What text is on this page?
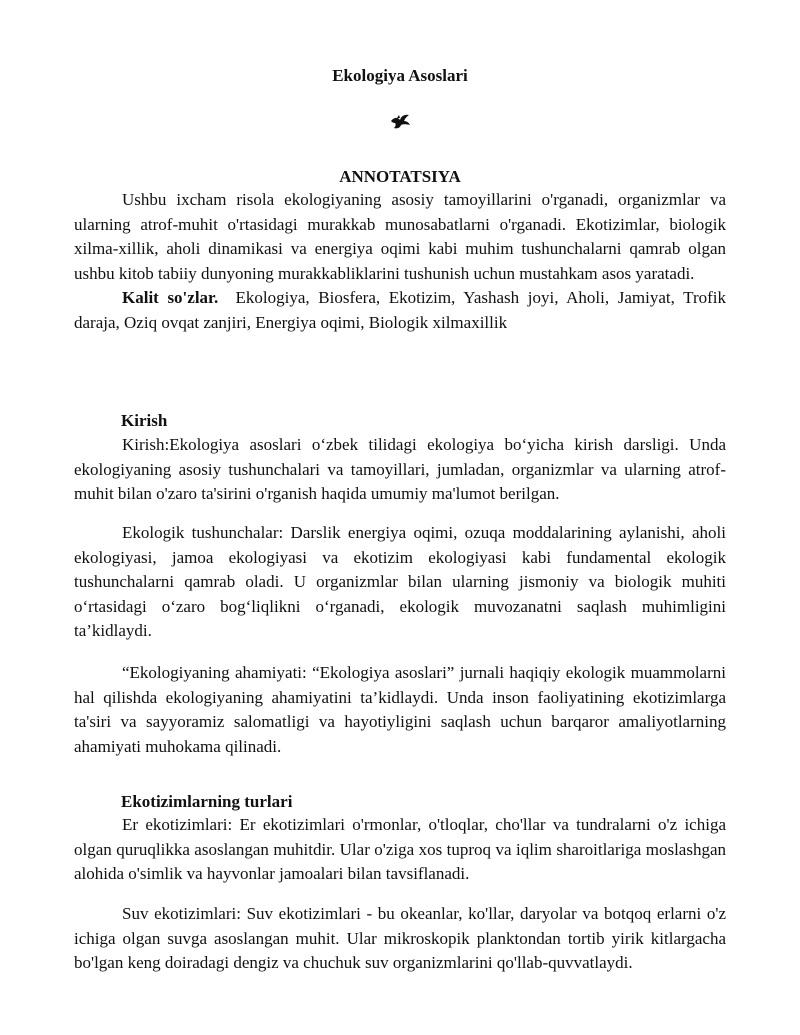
Ekologiya Asoslari
ANNOTATSIYA

Ushbu ixcham risola ekologiyaning asosiy tamoyillarini o'rganadi, organizmlar va ularning atrof-muhit o'rtasidagi murakkab munosabatlarni o'rganadi. Ekotizimlar, biologik xilma-xillik, aholi dinamikasi va energiya oqimi kabi muhim tushunchalarni qamrab olgan ushbu kitob tabiiy dunyoning murakkabliklarini tushunish uchun mustahkam asos yaratadi.

Kalit so'zlar. Ekologiya, Biosfera, Ekotizim, Yashash joyi, Aholi, Jamiyat, Trofik daraja, Oziq ovqat zanjiri, Energiya oqimi, Biologik xilmaxillik

Kirish

Kirish:Ekologiya asoslari o‘zbek tilidagi ekologiya bo‘yicha kirish darsligi. Unda ekologiyaning asosiy tushunchalari va tamoyillari, jumladan, organizmlar va ularning atrof-muhit bilan o'zaro ta'sirini o'rganish haqida umumiy ma'lumot berilgan.

Ekologik tushunchalar: Darslik energiya oqimi, ozuqa moddalarining aylanishi, aholi ekologiyasi, jamoa ekologiyasi va ekotizim ekologiyasi kabi fundamental ekologik tushunchalarni qamrab oladi. U organizmlar bilan ularning jismoniy va biologik muhiti o‘rtasidagi o‘zaro bog‘liqlikni o‘rganadi, ekologik muvozanatni saqlash muhimligini ta’kidlaydi.

“Ekologiyaning ahamiyati: “Ekologiya asoslari” jurnali haqiqiy ekologik muammolarni hal qilishda ekologiyaning ahamiyatini ta’kidlaydi. Unda inson faoliyatining ekotizimlarga ta'siri va sayyoramiz salomatligi va hayotiyligini saqlash uchun barqaror amaliyotlarning ahamiyati muhokama qilinadi.

Ekotizimlarning turlari

Er ekotizimlari: Er ekotizimlari o'rmonlar, o'tloqlar, cho'llar va tundralarni o'z ichiga olgan quruqlikka asoslangan muhitdir. Ular o'ziga xos tuproq va iqlim sharoitlariga moslashgan alohida o'simlik va hayvonlar jamoalari bilan tavsiflanadi.

Suv ekotizimlari: Suv ekotizimlari - bu okeanlar, ko'llar, daryolar va botqoq erlarni o'z ichiga olgan suvga asoslangan muhit. Ular mikroskopik planktondan tortib yirik kitlargacha bo'lgan keng doiradagi dengiz va chuchuk suv organizmlarini qo'llab-quvvatlaydi.
